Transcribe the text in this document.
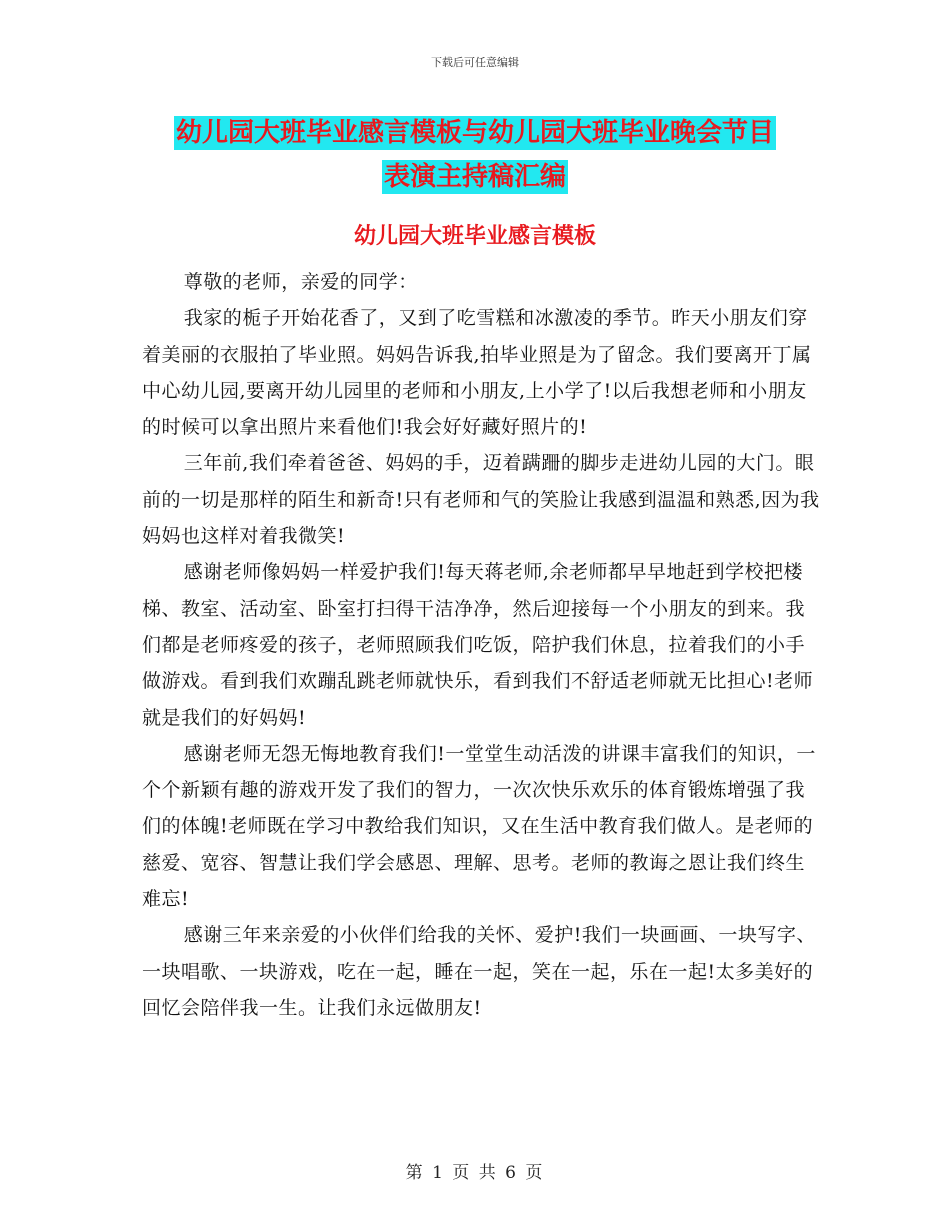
下载后可任意编辑
幼儿园大班毕业感言模板与幼儿园大班毕业晚会节目
表演主持稿汇编
幼儿园大班毕业感言模板

尊敬的老师，亲爱的同学：

我家的栀子开始花香了，又到了吃雪糕和冰激凌的季节。昨天小朋友们穿着美丽的衣服拍了毕业照。妈妈告诉我,拍毕业照是为了留念。我们要离开丁属中心幼儿园,要离开幼儿园里的老师和小朋友,上小学了!以后我想老师和小朋友的时候可以拿出照片来看他们!我会好好藏好照片的!

三年前,我们牵着爸爸、妈妈的手，迈着蹒跚的脚步走进幼儿园的大门。眼前的一切是那样的陌生和新奇!只有老师和气的笑脸让我感到温温和熟悉,因为我妈妈也这样对着我微笑!

感谢老师像妈妈一样爱护我们!每天蒋老师,余老师都早早地赶到学校把楼梯、教室、活动室、卧室打扫得干洁净净，然后迎接每一个小朋友的到来。我们都是老师疼爱的孩子，老师照顾我们吃饭，陪护我们休息，拉着我们的小手做游戏。看到我们欢蹦乱跳老师就快乐，看到我们不舒适老师就无比担心!老师就是我们的好妈妈!

感谢老师无怨无悔地教育我们!一堂堂生动活泼的讲课丰富我们的知识，一个个新颖有趣的游戏开发了我们的智力，一次次快乐欢乐的体育锻炼增强了我们的体魄!老师既在学习中教给我们知识，又在生活中教育我们做人。是老师的慈爱、宽容、智慧让我们学会感恩、理解、思考。老师的教诲之恩让我们终生难忘!

感谢三年来亲爱的小伙伴们给我的关怀、爱护!我们一块画画、一块写字、一块唱歌、一块游戏，吃在一起，睡在一起，笑在一起，乐在一起!太多美好的回忆会陪伴我一生。让我们永远做朋友!

第 1 页 共 6 页
